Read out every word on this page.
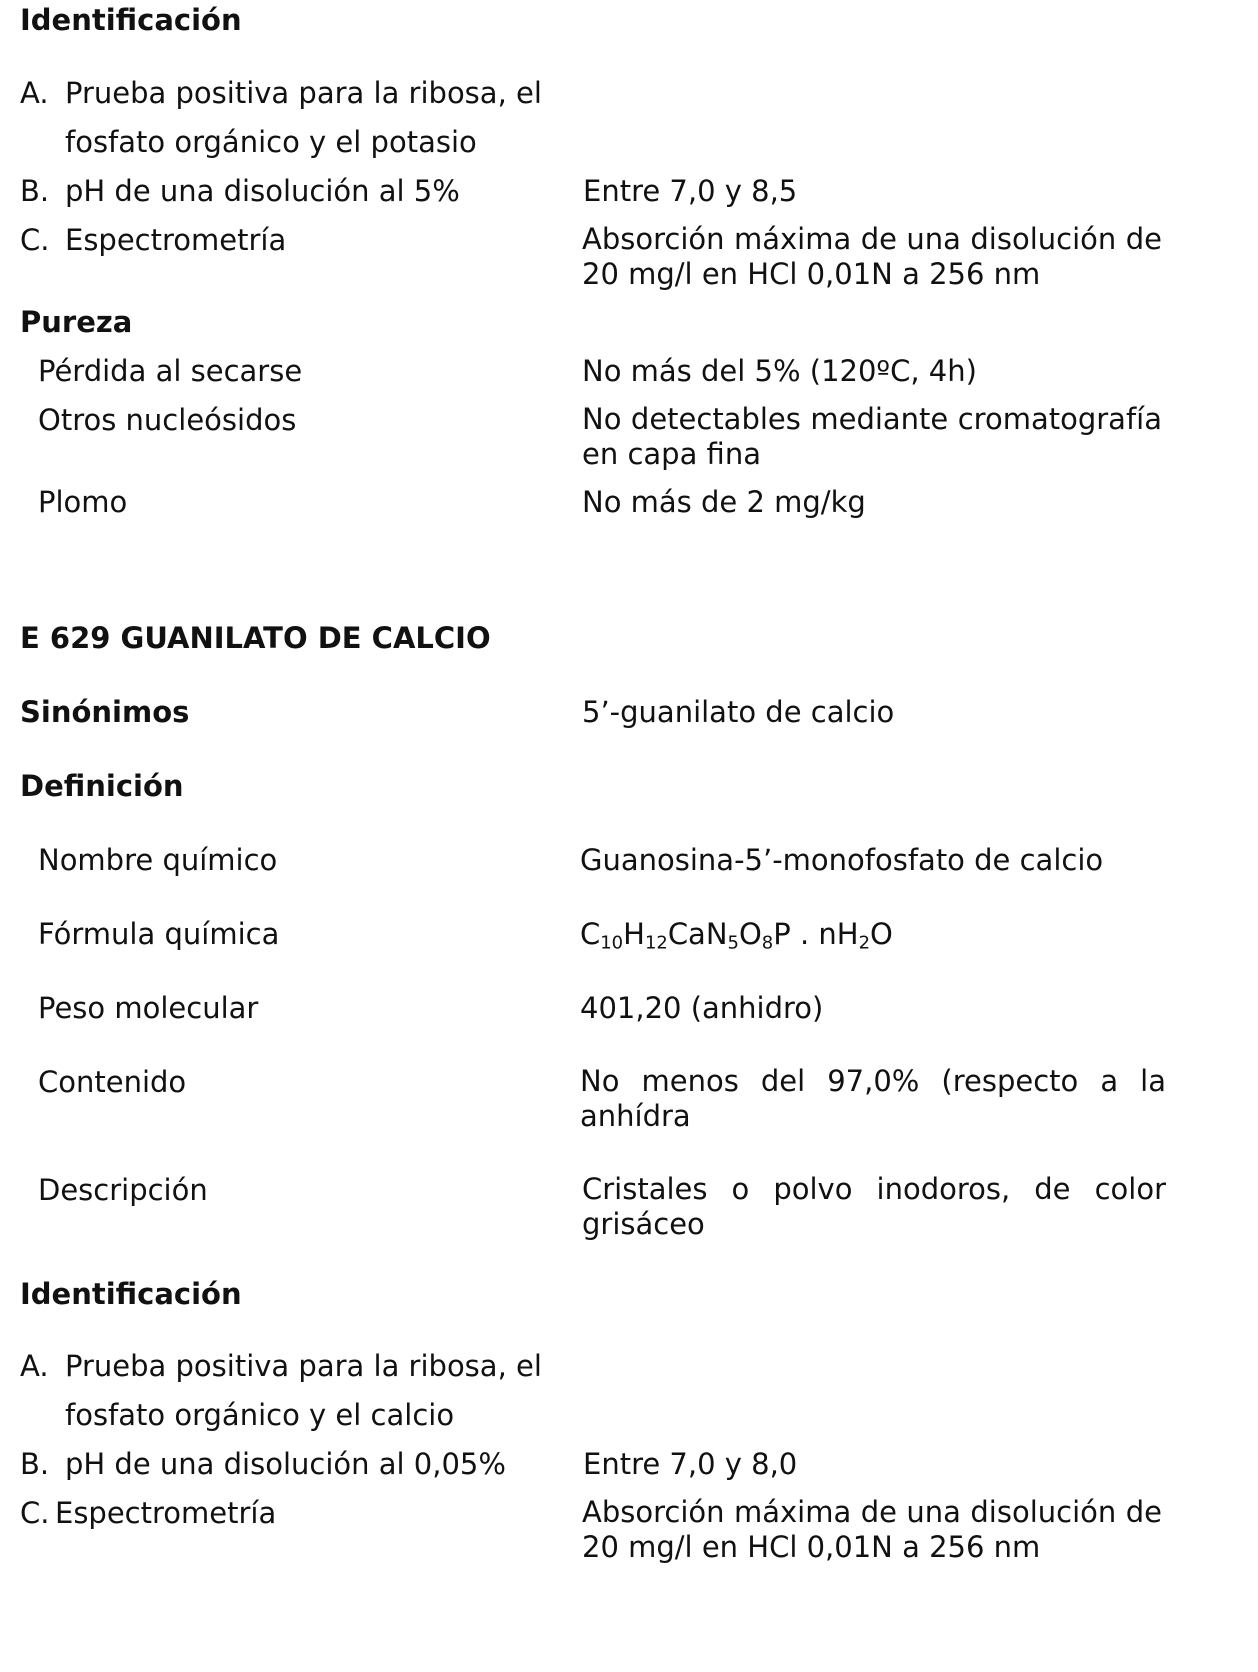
Identificación
A. Prueba positiva para la ribosa, el
fosfato orgánico y el potasio
B. pH de una disolución al 5%	Entre 7,0 y 8,5
C. Espectrometría	Absorción máxima de una disolución de
20 mg/l en HCl 0,01N a 256 nm
Pureza
Pérdida al secarse	No más del 5% (120ºC, 4h)
Otros nucleósidos	No detectables mediante cromatografía
en capa fina
Plomo	No más de 2 mg/kg
E 629 GUANILATO DE CALCIO
Sinónimos	5’-guanilato de calcio
Definición
Nombre químico	Guanosina-5’-monofosfato de calcio
Fórmula química	$C_{10}H_{12}CaN_5O_8P$ . $nH_2O$
Peso molecular	401,20 (anhidro)
Contenido	No menos del 97,0% (respecto a la
anhídra
Descripción	Cristales o polvo inodoros, de color
grisáceo
Identificación
A. Prueba positiva para la ribosa, el
fosfato orgánico y el calcio
B. pH de una disolución al 0,05%	Entre 7,0 y 8,0
C. Espectrometría	Absorción máxima de una disolución de
20 mg/l en HCl 0,01N a 256 nm
